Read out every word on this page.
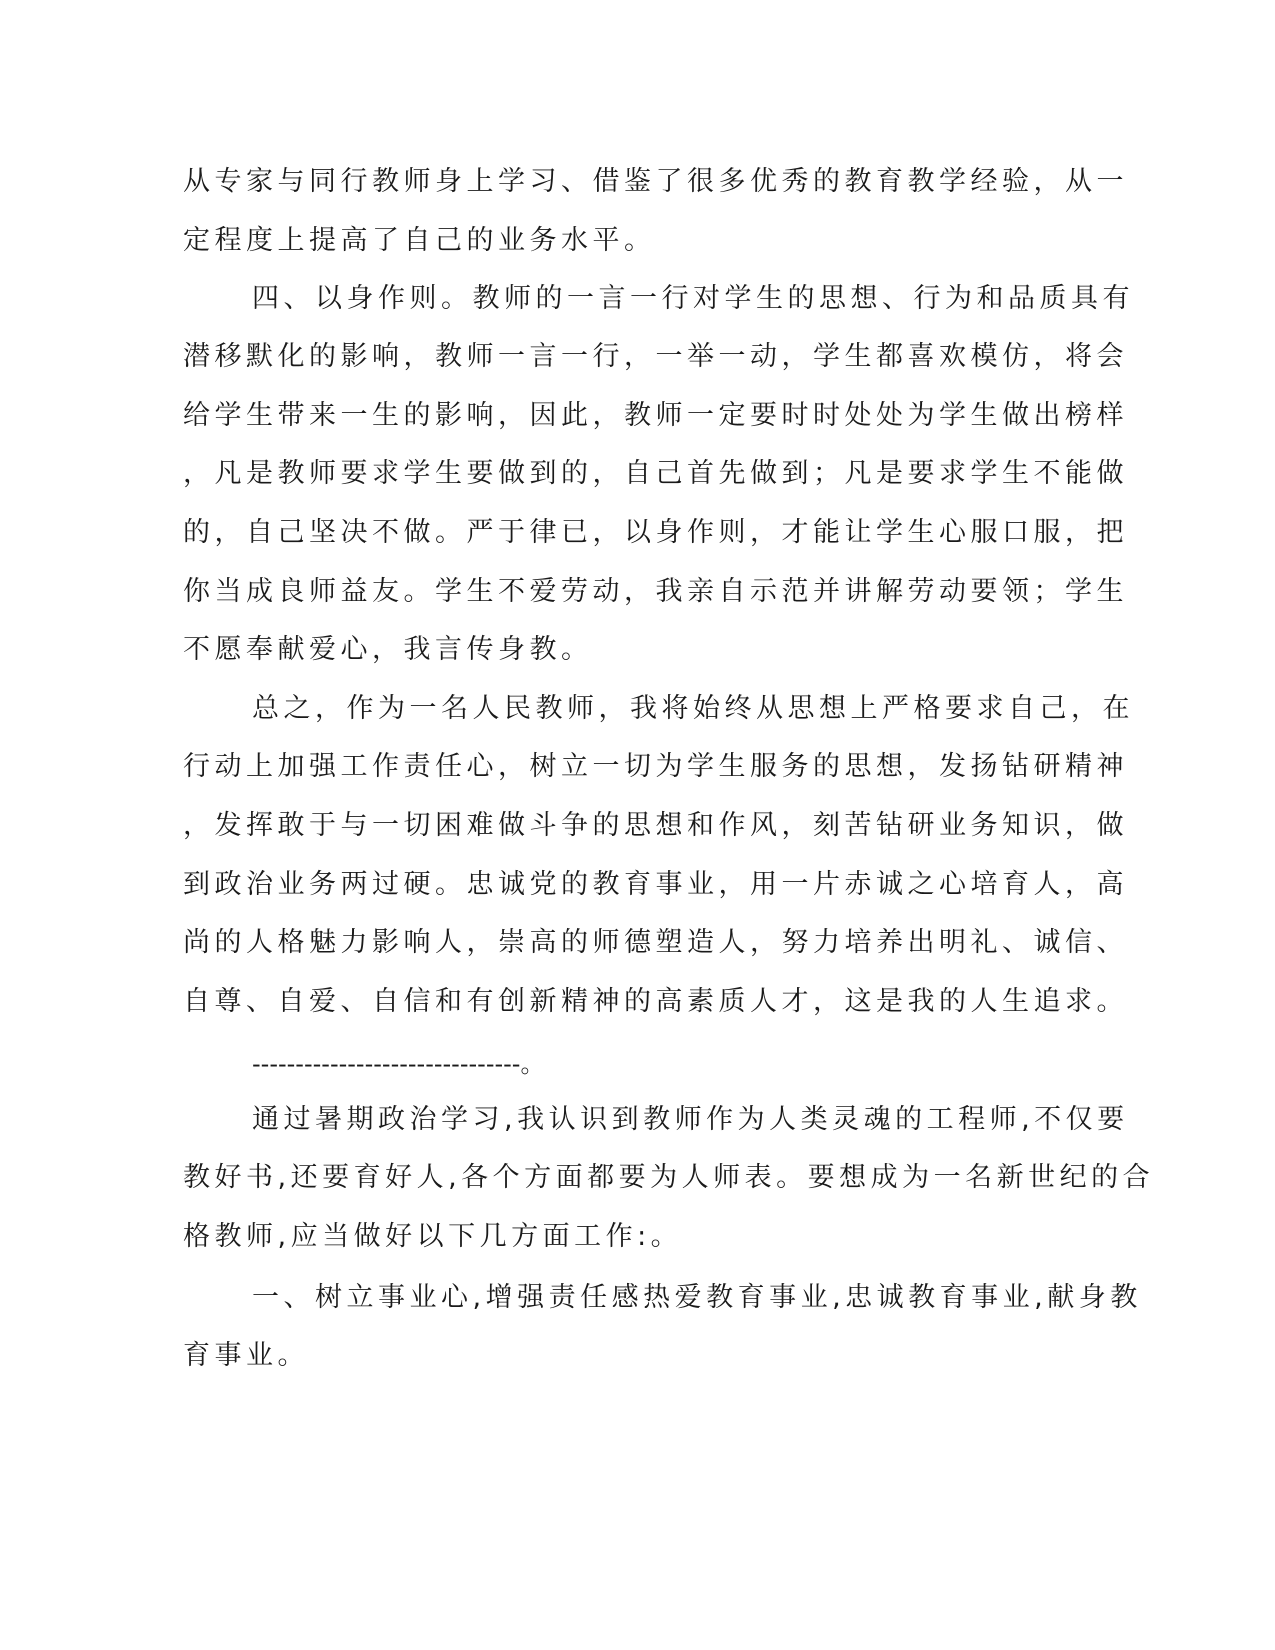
从专家与同行教师身上学习、借鉴了很多优秀的教育教学经验，从一
定程度上提高了自己的业务水平。
四、以身作则。教师的一言一行对学生的思想、行为和品质具有
潜移默化的影响，教师一言一行，一举一动，学生都喜欢模仿，将会
给学生带来一生的影响，因此，教师一定要时时处处为学生做出榜样
，凡是教师要求学生要做到的，自己首先做到；凡是要求学生不能做
的，自己坚决不做。严于律已，以身作则，才能让学生心服口服，把
你当成良师益友。学生不爱劳动，我亲自示范并讲解劳动要领；学生
不愿奉献爱心，我言传身教。
总之，作为一名人民教师，我将始终从思想上严格要求自己，在
行动上加强工作责任心，树立一切为学生服务的思想，发扬钻研精神
，发挥敢于与一切困难做斗争的思想和作风，刻苦钻研业务知识，做
到政治业务两过硬。忠诚党的教育事业，用一片赤诚之心培育人，高
尚的人格魅力影响人，崇高的师德塑造人，努力培养出明礼、诚信、
自尊、自爱、自信和有创新精神的高素质人才，这是我的人生追求。
-------------------------------。
通过暑期政治学习,我认识到教师作为人类灵魂的工程师,不仅要
教好书,还要育好人,各个方面都要为人师表。要想成为一名新世纪的合
格教师,应当做好以下几方面工作:。
一、树立事业心,增强责任感热爱教育事业,忠诚教育事业,献身教
育事业。
